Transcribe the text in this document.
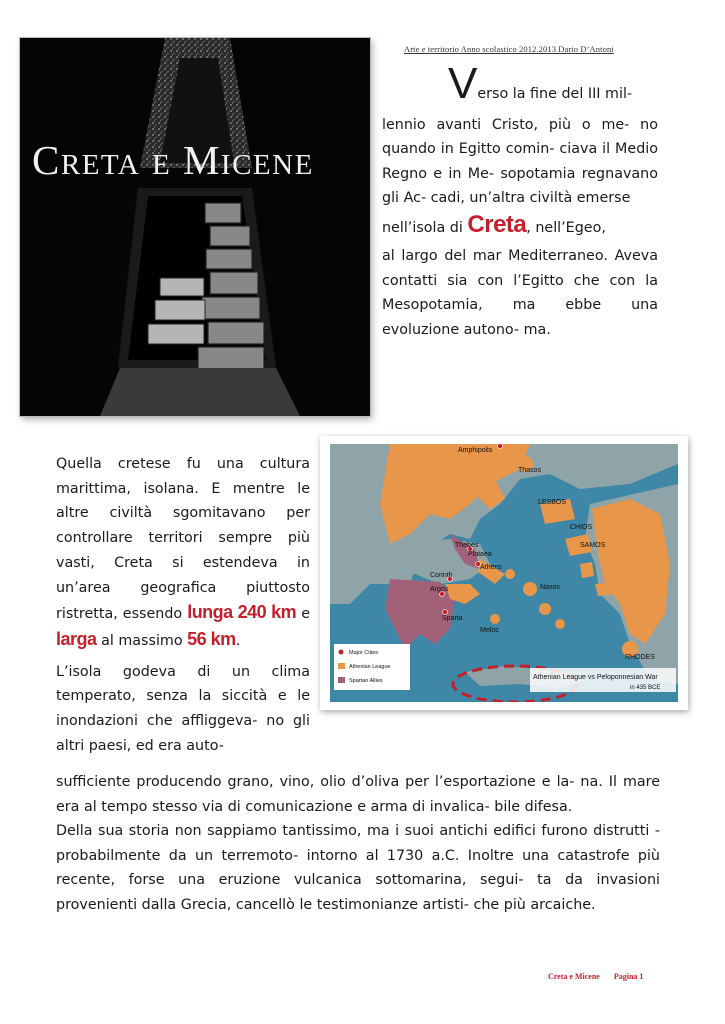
Arte e territorio Anno scolastico 2012.2013 Dario D’Antoni
Creta e Micene
Verso la fine del III mil-
lennio avanti Cristo, più o me- no quando in Egitto comin- ciava il Medio Regno e in Me- sopotamia regnavano gli Ac- cadi, un’altra civiltà emerse
nell’isola di Creta, nell’Egeo,
al largo del mar Mediterraneo. Aveva contatti sia con l’Egitto che con la Mesopotamia, ma ebbe una evoluzione autono- ma.
Amphipolis
Thasos
LESBOS
Thebes
Plataea
Athens
Corinth
Argos
Sparta
Naxos
SAMOS
Melos
CHIOS
RHODES
Major Cities
Athenian League
Spartan Allies	Athenian League vs Peloponnesian War
in 435 BCE

Quella cretese fu una cultura marittima, isolana. E mentre le altre civiltà sgomitavano per controllare territori sempre più vasti, Creta si estendeva in un’area geografica piuttosto ristretta, essendo lunga 240 km e larga al massimo 56 km.

L’isola godeva di un clima temperato, senza la siccità e le inondazioni che affliggeva- no gli altri paesi, ed era auto-

sufficiente producendo grano, vino, olio d’oliva per l’esportazione e la- na. Il mare era al tempo stesso via di comunicazione e arma di invalica- bile difesa.

Della sua storia non sappiamo tantissimo, ma i suoi antichi edifici furono distrutti -probabilmente da un terremoto- intorno al 1730 a.C. Inoltre una catastrofe più recente, forse una eruzione vulcanica sottomarina, segui- ta da invasioni provenienti dalla Grecia, cancellò le testimonianze artisti- che più arcaiche.

Creta e Micene Pagina 1
